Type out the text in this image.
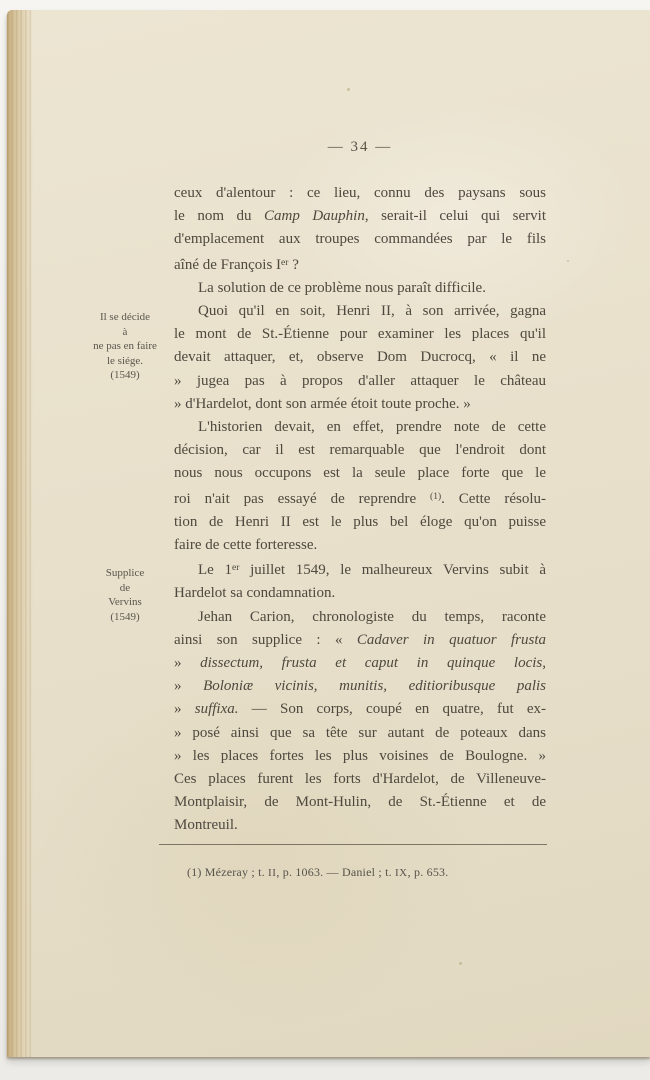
— 34 —
ceux d'alentour : ce lieu, connu des paysans sous
le nom du Camp Dauphin, serait-il celui qui servit
d'emplacement aux troupes commandées par le fils
aîné de François Ier ?
La solution de ce problème nous paraît difficile.
Quoi qu'il en soit, Henri II, à son arrivée, gagna
le mont de St.-Étienne pour examiner les places qu'il
devait attaquer, et, observe Dom Ducrocq, « il ne
» jugea pas à propos d'aller attaquer le château
» d'Hardelot, dont son armée étoit toute proche. »
L'historien devait, en effet, prendre note de cette
décision, car il est remarquable que l'endroit dont
nous nous occupons est la seule place forte que le
roi n'ait pas essayé de reprendre $^{(1)}$. Cette résolu-
tion de Henri II est le plus bel éloge qu'on puisse
faire de cette forteresse.
Le 1er juillet 1549, le malheureux Vervins subit à
Hardelot sa condamnation.
Jehan Carion, chronologiste du temps, raconte
ainsi son supplice : « Cadaver in quatuor frusta
» dissectum, frusta et caput in quinque locis,
» Boloniæ vicinis, munitis, editioribusque palis
» suffixa. — Son corps, coupé en quatre, fut ex-
» posé ainsi que sa tête sur autant de poteaux dans
» les places fortes les plus voisines de Boulogne. »
Ces places furent les forts d'Hardelot, de Villeneuve-
Montplaisir, de Mont-Hulin, de St.-Étienne et de
Montreuil.
Il se décide
à
ne pas en faire
le siége.
(1549)
Supplice
de
Vervins
(1549)
(1) Mézeray ; t. II, p. 1063. — Daniel ; t. IX, p. 653.
